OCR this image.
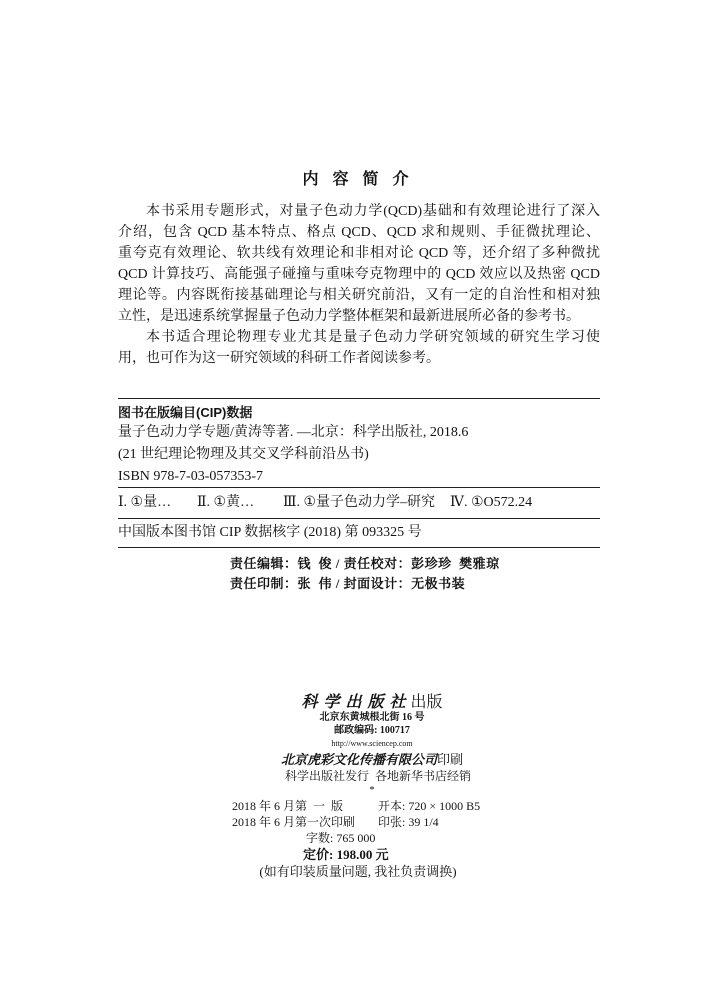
内 容 简 介
本书采用专题形式，对量子色动力学(QCD)基础和有效理论进行了深入
介绍，包含 QCD 基本特点、格点 QCD、QCD 求和规则、手征微扰理论、
重夸克有效理论、软共线有效理论和非相对论 QCD 等，还介绍了多种微扰
QCD 计算技巧、高能强子碰撞与重味夸克物理中的 QCD 效应以及热密 QCD
理论等。内容既衔接基础理论与相关研究前沿，又有一定的自治性和相对独
立性，是迅速系统掌握量子色动力学整体框架和最新进展所必备的参考书。
本书适合理论物理专业尤其是量子色动力学研究领域的研究生学习使
用，也可作为这一研究领域的科研工作者阅读参考。
图书在版编目(CIP)数据
量子色动力学专题/黄涛等著. —北京：科学出版社, 2018.6
(21 世纪理论物理及其交叉学科前沿丛书)
ISBN 978-7-03-057353-7
Ⅰ. ①量… Ⅱ. ①黄… Ⅲ. ①量子色动力学–研究 Ⅳ. ①O572.24
中国版本图书馆 CIP 数据核字 (2018) 第 093325 号
责任编辑：钱  俊 / 责任校对：彭珍珍  樊雅琼
责任印制：张  伟 / 封面设计：无极书装
科 学 出 版 社 出版
北京东黄城根北街 16 号
邮政编码: 100717
http://www.sciencep.com
北京虎彩文化传播有限公司印刷
科学出版社发行  各地新华书店经销
*
2018 年 6 月第  一  版	开本: 720 × 1000 B5
2018 年 6 月第一次印刷 印张: 39 1/4
字数: 765 000
定价: 198.00 元
(如有印装质量问题, 我社负责调换)
